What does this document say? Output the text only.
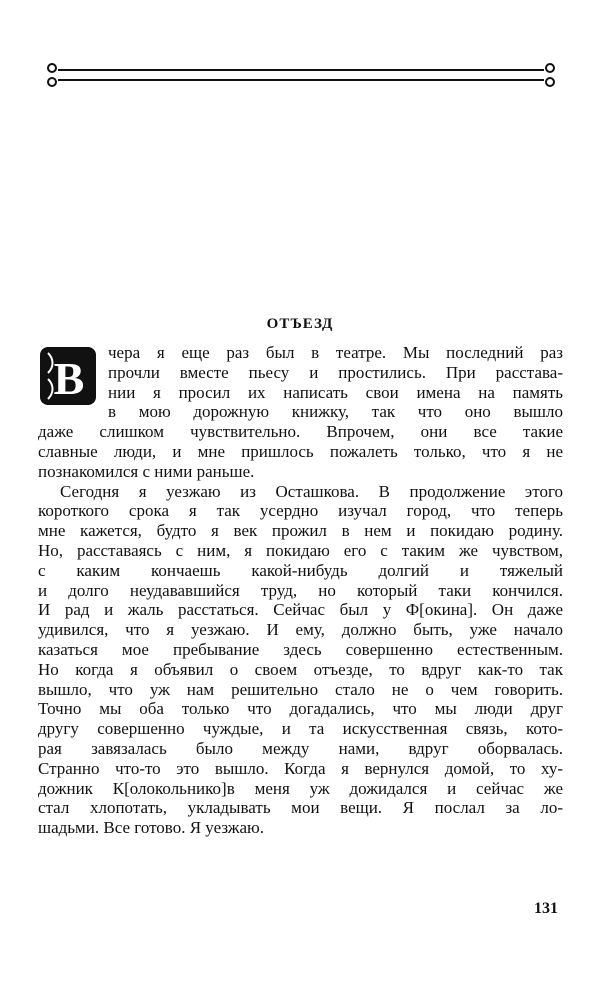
ОТЪЕЗД
В

чера я еще раз был в театре. Мы последний раз
прочли вместе пьесу и простились. При расстава-
нии я просил их написать свои имена на память
в мою дорожную книжку, так что оно вышло
даже слишком чувствительно. Впрочем, они все такие
славные люди, и мне пришлось пожалеть только, что я не
познакомился с ними раньше.

Сегодня я уезжаю из Осташкова. В продолжение этого
короткого срока я так усердно изучал город, что теперь
мне кажется, будто я век прожил в нем и покидаю родину.
Но, расставаясь с ним, я покидаю его с таким же чувством,
с каким кончаешь какой-нибудь долгий и тяжелый
и долго неудававшийся труд, но который таки кончился.
И рад и жаль расстаться. Сейчас был у Ф[окина]. Он даже
удивился, что я уезжаю. И ему, должно быть, уже начало
казаться мое пребывание здесь совершенно естественным.
Но когда я объявил о своем отъезде, то вдруг как-то так
вышло, что уж нам решительно стало не о чем говорить.
Точно мы оба только что догадались, что мы люди друг
другу совершенно чуждые, и та искусственная связь, кото-
рая завязалась было между нами, вдруг оборвалась.
Странно что-то это вышло. Когда я вернулся домой, то ху-
дожник К[олокольнико]в меня уж дожидался и сейчас же
стал хлопотать, укладывать мои вещи. Я послал за ло-
шадьми. Все готово. Я уезжаю.

131
